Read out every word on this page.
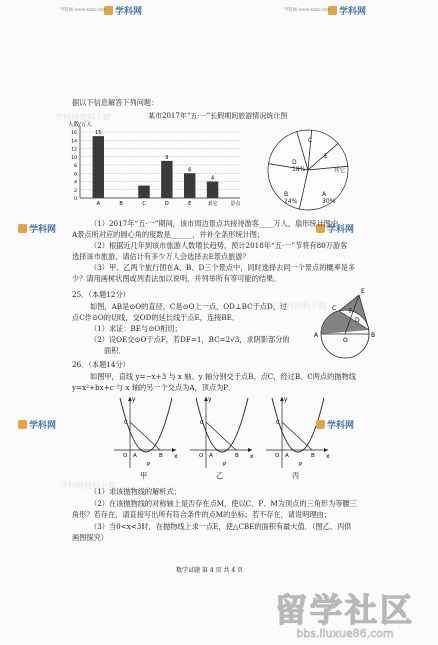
学科网
学科网 www.zxxk.com	学科网
学科网 www.zxxk.com
学科网资料下载
学科网资料下载
学科网资料下载
据以下信息解答下列问题：
某市2017年“五·一”长假期间旅游情况统计图
人数/万人
0
2
4
6
8
10
12
14
16	15
9
6
4
A	B	C	D	E	其它	景点
D 18%
B 24%
A 30%
C
E
其它
学科网	学科网
（1）2017年“五·一”期间，该市周边景点共接待游客____万人，扇形统计图中
A景点所对应的圆心角的度数是______，并补全条形统计图；
（2）根据近几年到该市旅游人数增长趋势，预计2018年“五·一”节将有80万游客
选择该市旅游，请估计有多少万人会选择去E景点旅游？
（3）甲、乙两个旅行团在A、B、D三个景点中，同时选择去同一个景点的概率是多
少？请用画树状图或列表法加以说明，并列举所有等可能的结果。
25．（本题12分）
如图，AB是⊙O的直径，C是⊙O上一点，OD⊥BC于点D，过
点C作⊙O的切线，交OD的延长线于点E，连接BE．
（1）求证：BE与⊙O相切；
（2）设OE交⊙O于点F，若DF=1，BC=2√3，求阴影部分的
面积．
E
C F
D
A
O
B
26．（本题14分）
如图甲，直线 y=−x+3 与 x 轴、y 轴分别交于点B、点C，经过B、C两点的抛物线
y=x²+bx+c 与 x 轴的另一个交点为A，顶点为P．
甲	乙	丙
学科网	学科网
（1）求该抛物线的解析式；
（2）在该抛物线的对称轴上是否存在点M，使以C、P、M为顶点的三角形为等腰三
角形？若存在，请直接写出所有符合条件的点M的坐标；若不存在，请说明理由；
（3）当0<x<3时，在抛物线上求一点E，使△CBE的面积有最大值．（图乙、丙供
画图探究）
数学试题 第 4 页 共 4 页
留学社区
bbs.liuxue86.com
